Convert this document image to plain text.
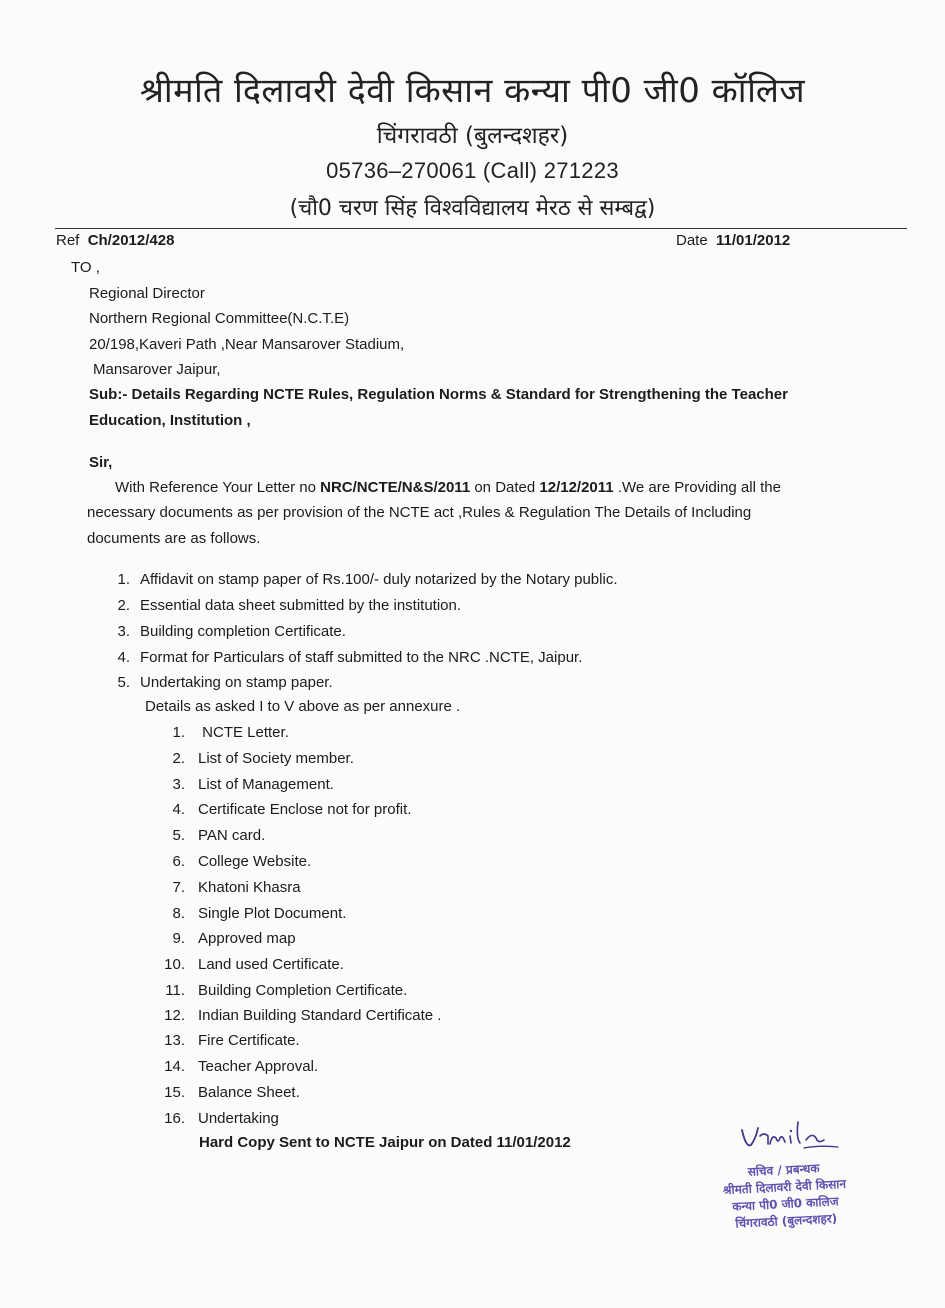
श्रीमति दिलावरी देवी किसान कन्या पी0 जी0 कॉलिज
चिंगरावठी (बुलन्दशहर)
05736–270061 (Call) 271223
(चौ0 चरण सिंह विश्वविद्यालय मेरठ से सम्बद्व)
Ref Ch/2012/428	Date 11/01/2012
TO ,
Regional Director
Northern Regional Committee(N.C.T.E)
20/198,Kaveri Path ,Near Mansarover Stadium,
Mansarover Jaipur,
Sub:- Details Regarding NCTE Rules, Regulation Norms & Standard for Strengthening the Teacher
Education, Institution ,
Sir,
With Reference Your Letter no NRC/NCTE/N&S/2011 on Dated 12/12/2011 .We are Providing all the
necessary documents as per provision of the NCTE act ,Rules & Regulation The Details of Including
documents are as follows.
1. Affidavit on stamp paper of Rs.100/- duly notarized by the Notary public.
2. Essential data sheet submitted by the institution.
3. Building completion Certificate.
4. Format for Particulars of staff submitted to the NRC .NCTE, Jaipur.
5. Undertaking on stamp paper.
Details as asked I to V above as per annexure .
1. NCTE Letter.
2. List of Society member.
3. List of Management.
4. Certificate Enclose not for profit.
5. PAN card.
6. College Website.
7. Khatoni Khasra
8. Single Plot Document.
9. Approved map
10. Land used Certificate.
11. Building Completion Certificate.
12. Indian Building Standard Certificate .
13. Fire Certificate.
14. Teacher Approval.
15. Balance Sheet.
16. Undertaking
Hard Copy Sent to NCTE Jaipur on Dated 11/01/2012
सचिव / प्रबन्धक
श्रीमती दिलावरी देवी किसान
कन्या पी0 जी0 कालिज
चिंगरावठी (बुलन्दशहर)
